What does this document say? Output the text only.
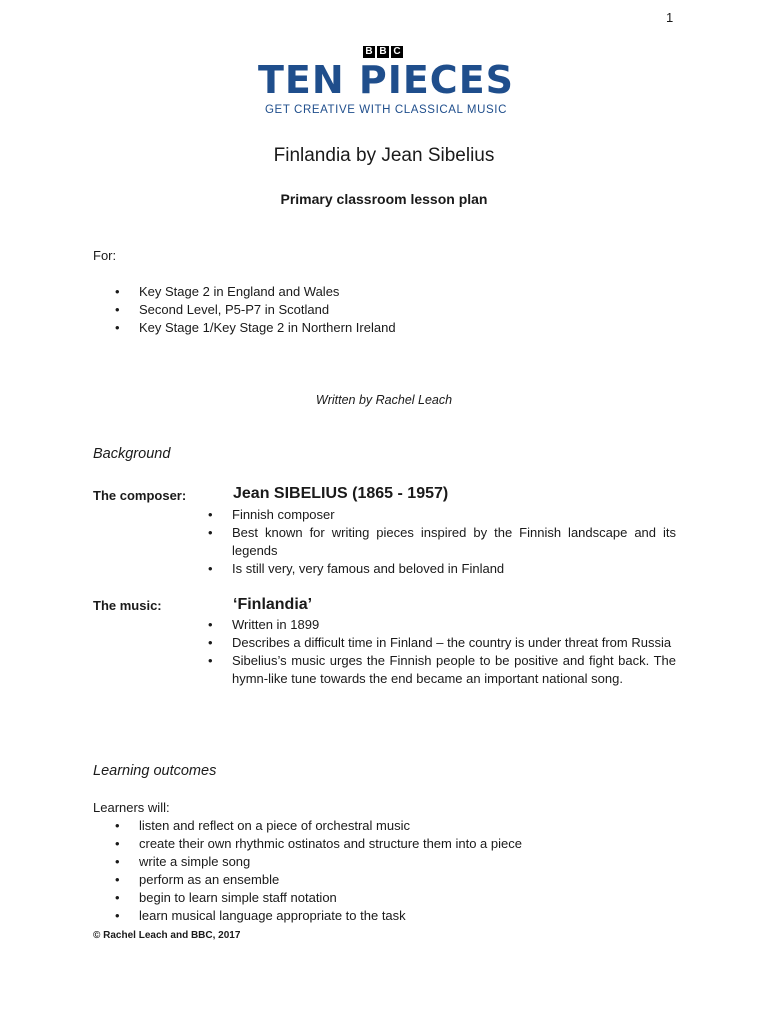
1
B B C
TEN PIECES
GET CREATIVE WITH CLASSICAL MUSIC
Finlandia by Jean Sibelius
Primary classroom lesson plan
For:
• Key Stage 2 in England and Wales
• Second Level, P5-P7 in Scotland
• Key Stage 1/Key Stage 2 in Northern Ireland
Written by Rachel Leach
Background
The composer:	Jean SIBELIUS (1865 - 1957)
• Finnish composer
• Best known for writing pieces inspired by the Finnish landscape and its legends
• Is still very, very famous and beloved in Finland
The music:	‘Finlandia’
• Written in 1899
• Describes a difficult time in Finland – the country is under threat from Russia
• Sibelius’s music urges the Finnish people to be positive and fight back. The hymn-like tune towards the end became an important national song.
Learning outcomes
Learners will:
• listen and reflect on a piece of orchestral music
• create their own rhythmic ostinatos and structure them into a piece
• write a simple song
• perform as an ensemble
• begin to learn simple staff notation
• learn musical language appropriate to the task
© Rachel Leach and BBC, 2017
